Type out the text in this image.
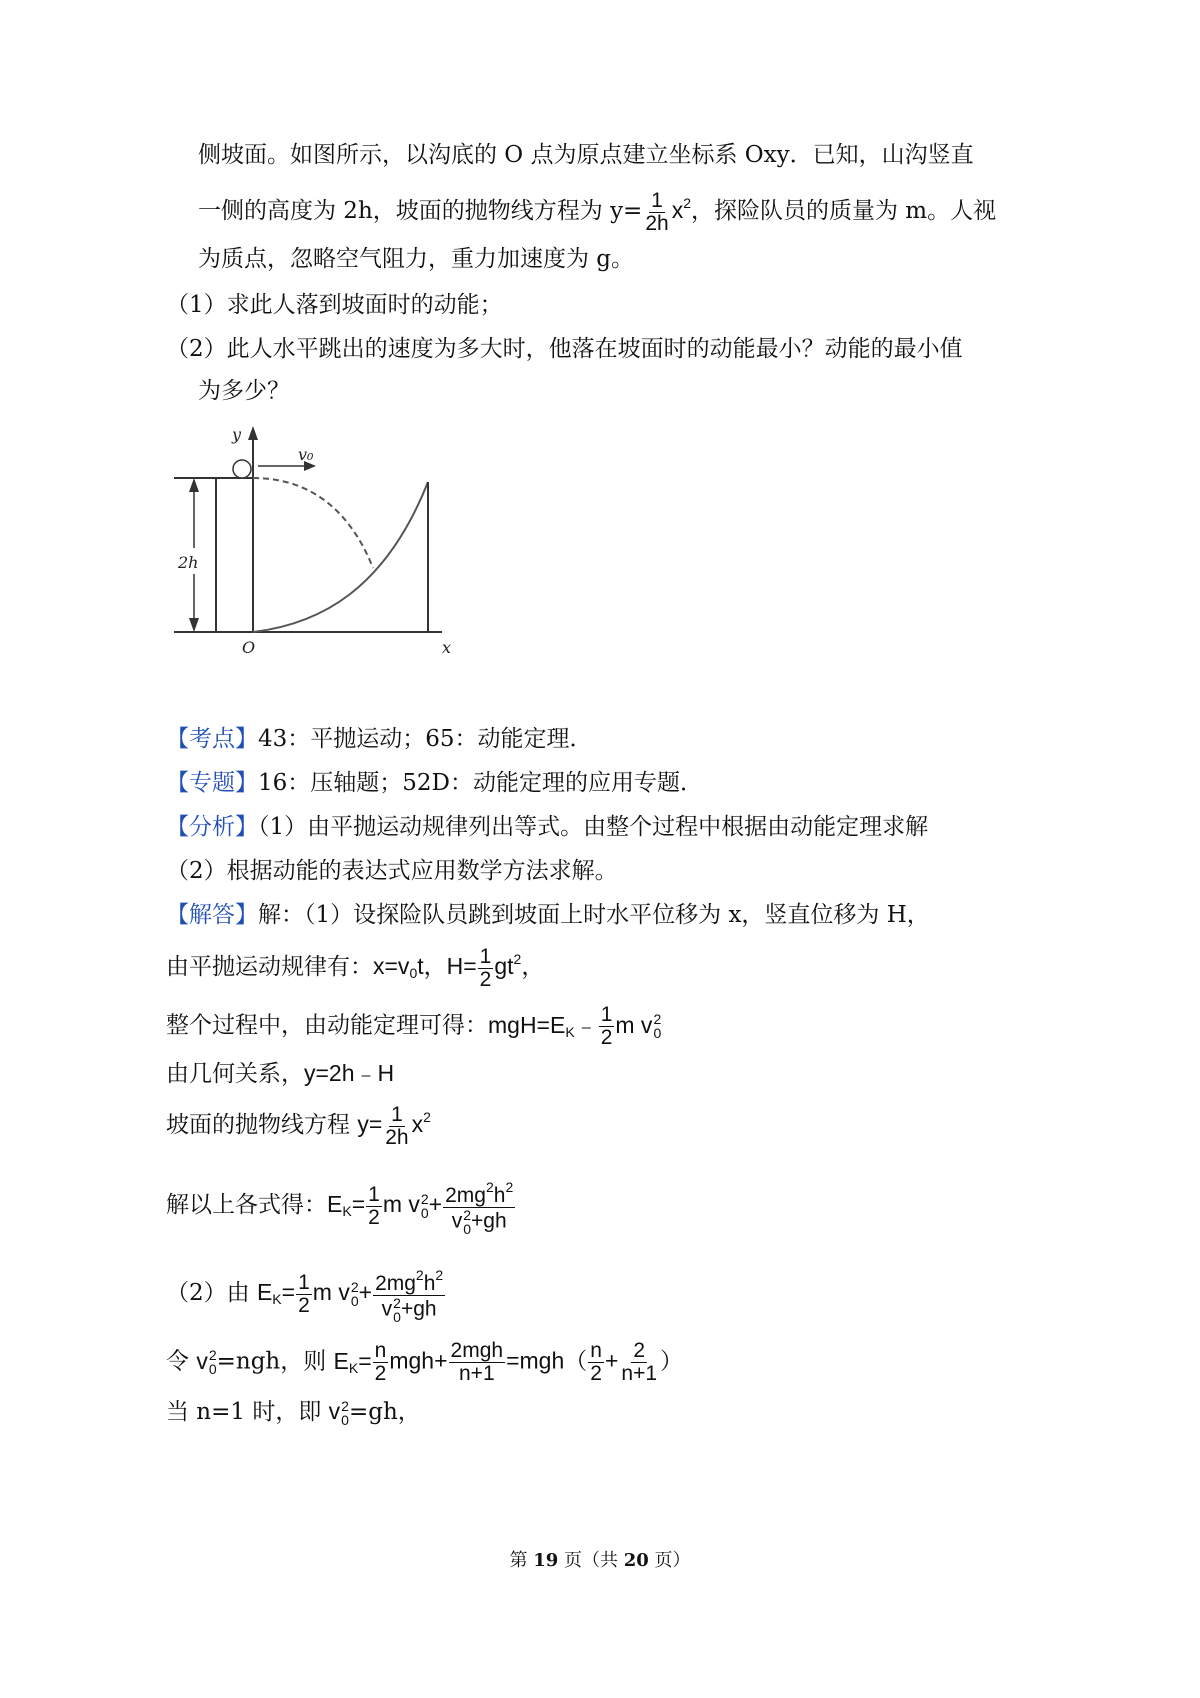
侧坡面。如图所示，以沟底的 O 点为原点建立坐标系 Oxy．已知，山沟竖直
一侧的高度为 2h，坡面的抛物线方程为 $y= \frac{1}{2h} x^2$，探险队员的质量为 m。人视
为质点，忽略空气阻力，重力加速度为 g。
（1）求此人落到坡面时的动能；
（2）此人水平跳出的速度为多大时，他落在坡面时的动能最小？动能的最小值
为多少？
y
x
O
2h
v₀
【考点】43：平抛运动；65：动能定理．
【专题】16：压轴题；52D：动能定理的应用专题．
【分析】（1）由平抛运动规律列出等式。由整个过程中根据由动能定理求解
（2）根据动能的表达式应用数学方法求解。
【解答】解：（1）设探险队员跳到坡面上时水平位移为 x，竖直位移为 H，
由平抛运动规律有：$x=v_0t$，$H= \frac{1}{2} gt^2$，
整个过程中，由动能定理可得：$mgH=E_K﹣ \frac{1}{2}$ m v 2
0
由几何关系，y=2h﹣H
坡面的抛物线方程 $y= \frac{1}{2h} x^2$
解以上各式得：$E_K= \frac{1}{2}$ m v 2
$0 + 2mg^2h^2$
v 2
0 +gh
（2）由 $E_K= \frac{1}{2}$ m v 2
$0 + 2mg^2h^2$
v 2
0 +gh
令 v 2
0 =ngh，则 $E_K= \frac{n}{2} mgh+ \frac{\text{2mgh}}{n+1} =mgh( \frac{n}{2} + \frac{2}{n+1}$ ）
当 n=1 时，即 v 2
0 =gh，
第 19 页（共 20 页）
